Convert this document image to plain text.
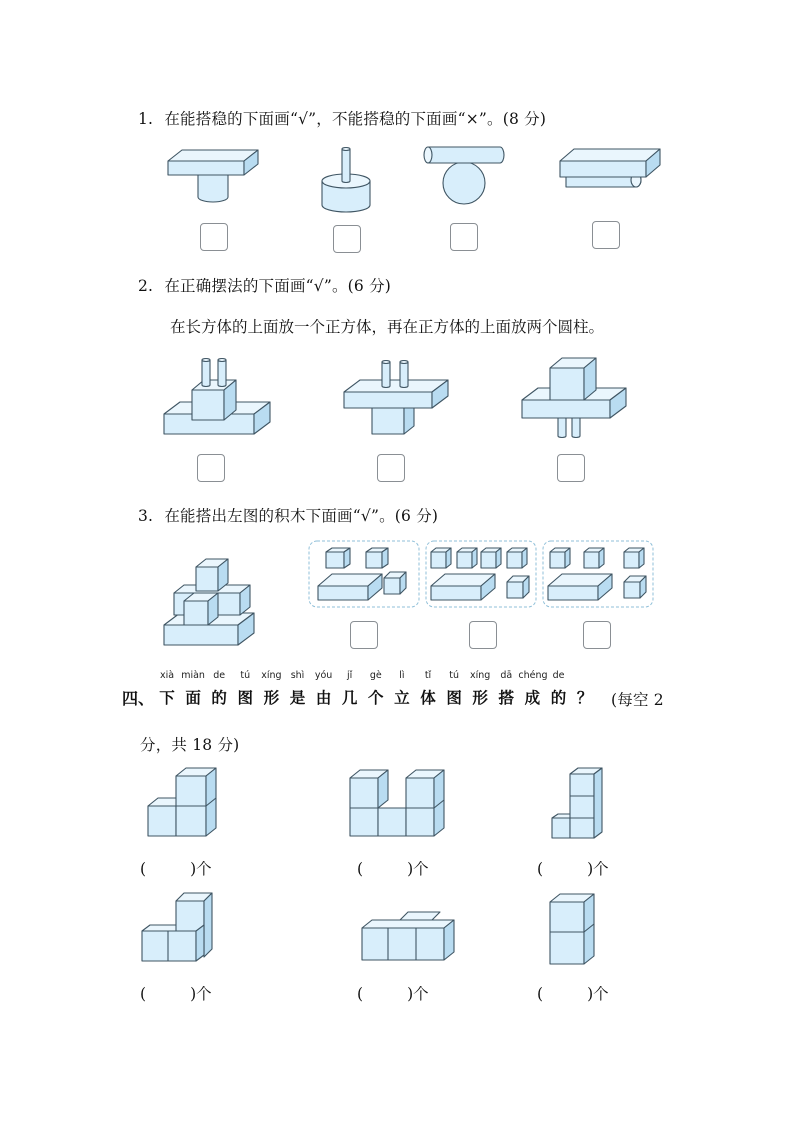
1. 在能搭稳的下面画“√”，不能搭稳的下面画“×”。(8 分)
2. 在正确摆法的下面画“√”。(6 分)
在长方体的上面放一个正方体，再在正方体的上面放两个圆柱。
3. 在能搭出左图的积木下面画“√”。(6 分)
xià miàn de	tú	xíng shì	yóu	jǐ	gè	lì	tǐ	tú	xíng	dā chéng de
四、 下 面 的 图 形 是 由 几 个 立 体 图 形 搭 成 的 ？	(每空 2
分，共 18 分)
(	)个	(	)个	(	)个
(	)个	(	)个	(	)个
